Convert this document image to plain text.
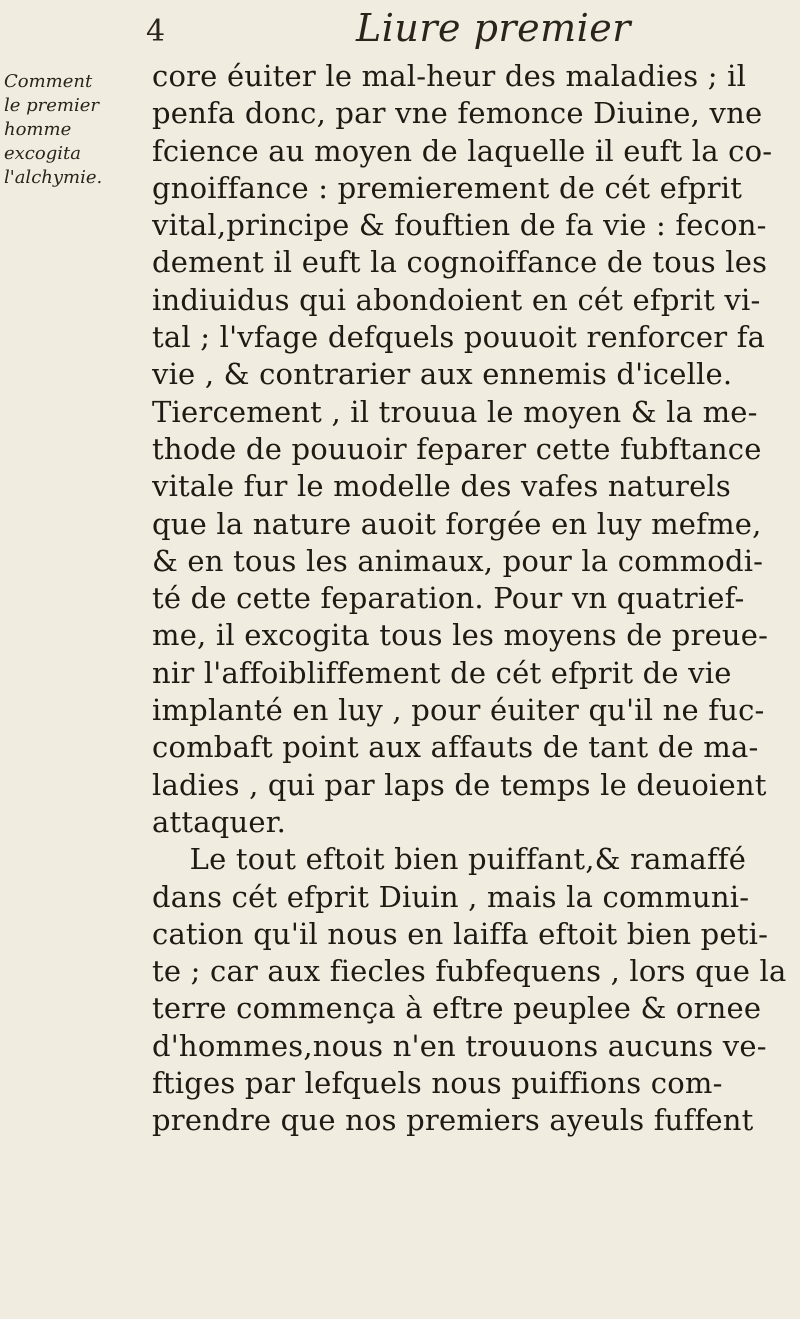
4	Liure premier
Comment
le premier
homme
excogita
l'alchymie.
core éuiter le mal-heur des maladies ; il
penfa donc, par vne femonce Diuine, vne
fcience au moyen de laquelle il euft la co-
gnoiffance : premierement de cét efprit
vital,principe & fouftien de fa vie : fecon-
dement il euft la cognoiffance de tous les
indiuidus qui abondoient en cét efprit vi-
tal ; l'vfage defquels pouuoit renforcer fa
vie , & contrarier aux ennemis d'icelle.
Tiercement , il trouua le moyen & la me-
thode de pouuoir feparer cette fubftance
vitale fur le modelle des vafes naturels
que la nature auoit forgée en luy mefme,
& en tous les animaux, pour la commodi-
té de cette feparation. Pour vn quatrief-
me, il excogita tous les moyens de preue-
nir l'affoibliffement de cét efprit de vie
implanté en luy , pour éuiter qu'il ne fuc-
combaft point aux affauts de tant de ma-
ladies , qui par laps de temps le deuoient
attaquer.
Le tout eftoit bien puiffant,& ramaffé
dans cét efprit Diuin , mais la communi-
cation qu'il nous en laiffa eftoit bien peti-
te ; car aux fiecles fubfequens , lors que la
terre commença à eftre peuplee & ornee
d'hommes,nous n'en trouuons aucuns ve-
ftiges par lefquels nous puiffions com-
prendre que nos premiers ayeuls fuffent
